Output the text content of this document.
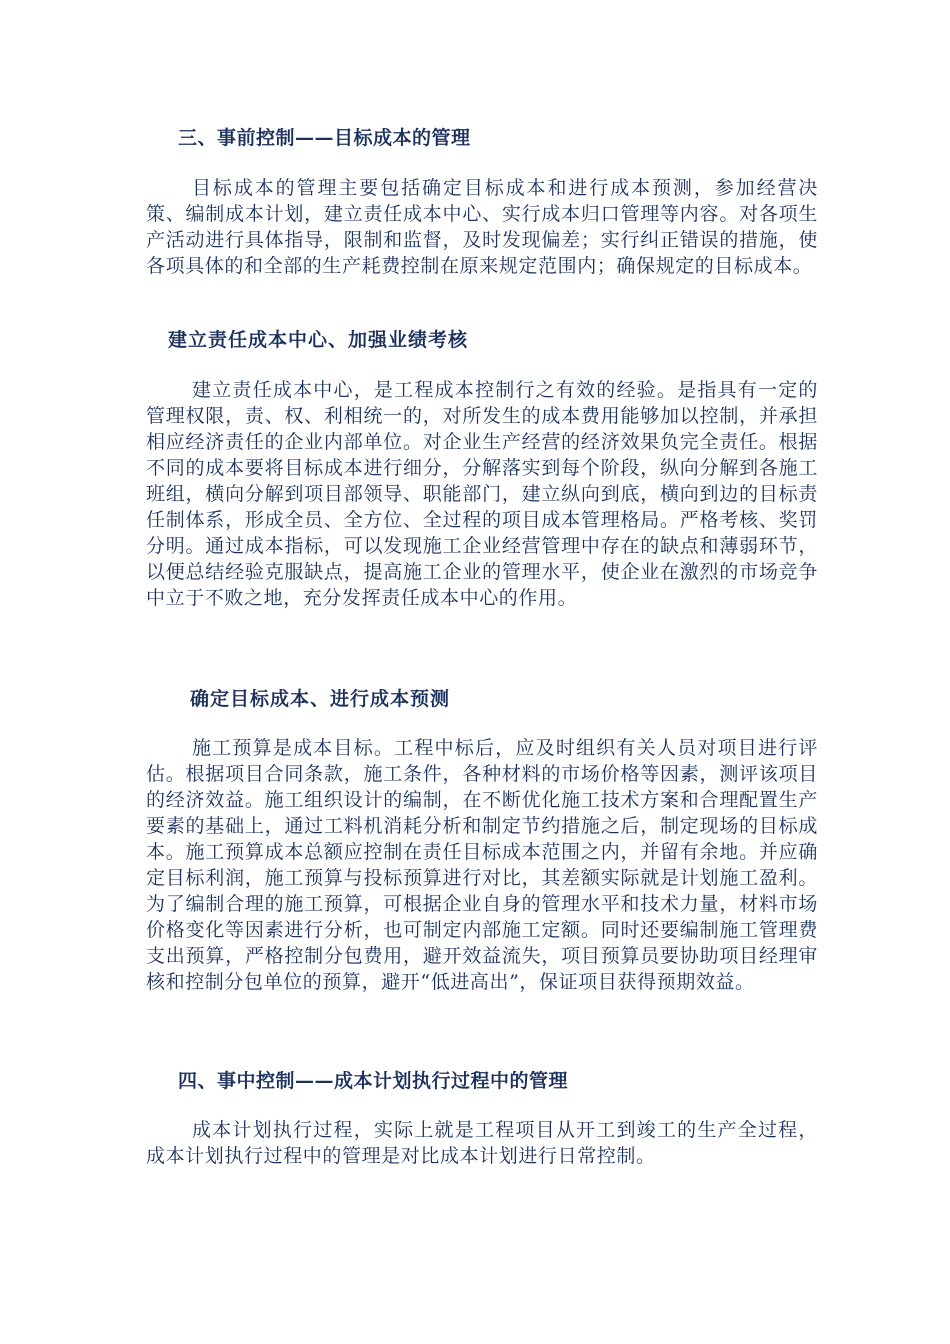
三、事前控制——目标成本的管理

目标成本的管理主要包括确定目标成本和进行成本预测，参加经营决策、编制成本计划，建立责任成本中心、实行成本归口管理等内容。对各项生产活动进行具体指导，限制和监督，及时发现偏差；实行纠正错误的措施，使各项具体的和全部的生产耗费控制在原来规定范围内；确保规定的目标成本。

建立责任成本中心、加强业绩考核

建立责任成本中心，是工程成本控制行之有效的经验。是指具有一定的管理权限，责、权、利相统一的，对所发生的成本费用能够加以控制，并承担相应经济责任的企业内部单位。对企业生产经营的经济效果负完全责任。根据不同的成本要将目标成本进行细分，分解落实到每个阶段，纵向分解到各施工班组，横向分解到项目部领导、职能部门，建立纵向到底，横向到边的目标责任制体系，形成全员、全方位、全过程的项目成本管理格局。严格考核、奖罚分明。通过成本指标，可以发现施工企业经营管理中存在的缺点和薄弱环节，以便总结经验克服缺点，提高施工企业的管理水平，使企业在激烈的市场竞争中立于不败之地，充分发挥责任成本中心的作用。

确定目标成本、进行成本预测

施工预算是成本目标。工程中标后，应及时组织有关人员对项目进行评估。根据项目合同条款，施工条件，各种材料的市场价格等因素，测评该项目的经济效益。施工组织设计的编制，在不断优化施工技术方案和合理配置生产要素的基础上，通过工料机消耗分析和制定节约措施之后，制定现场的目标成本。施工预算成本总额应控制在责任目标成本范围之内，并留有余地。并应确定目标利润，施工预算与投标预算进行对比，其差额实际就是计划施工盈利。为了编制合理的施工预算，可根据企业自身的管理水平和技术力量，材料市场价格变化等因素进行分析，也可制定内部施工定额。同时还要编制施工管理费支出预算，严格控制分包费用，避开效益流失，项目预算员要协助项目经理审核和控制分包单位的预算，避开“低进高出”，保证项目获得预期效益。

四、事中控制——成本计划执行过程中的管理

成本计划执行过程，实际上就是工程项目从开工到竣工的生产全过程，成本计划执行过程中的管理是对比成本计划进行日常控制。
